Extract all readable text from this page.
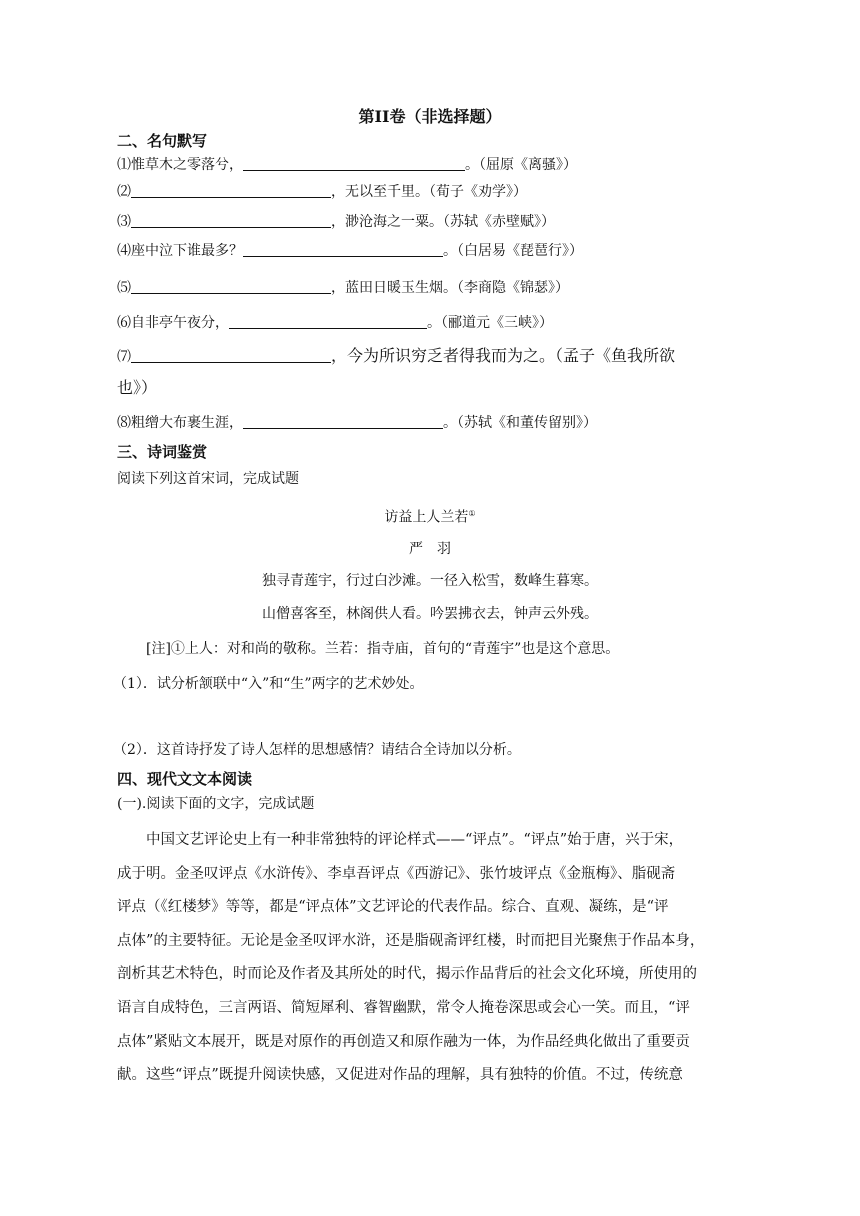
第II卷（非选择题）
二、名句默写
⑴惟草木之零落兮，	。（屈原《离骚》）
⑵	，无以至千里。（荀子《劝学》）
⑶	，渺沧海之一粟。（苏轼《赤壁赋》）
⑷座中泣下谁最多？	。（白居易《琵琶行》）
⑸	，蓝田日暖玉生烟。（李商隐《锦瑟》）
⑹自非亭午夜分，	。（郦道元《三峡》）
⑺	，今为所识穷乏者得我而为之。（孟子《鱼我所欲
也》）
⑻粗缯大布裹生涯，	。（苏轼《和董传留别》）
三、诗词鉴赏
阅读下列这首宋词，完成试题
访益上人兰若①
严　羽
独寻青莲宇，行过白沙滩。一径入松雪，数峰生暮寒。
山僧喜客至，林阁供人看。吟罢拂衣去，钟声云外残。
[注]①上人：对和尚的敬称。兰若：指寺庙，首句的“青莲宇”也是这个意思。
（1）．试分析颔联中“入”和“生”两字的艺术妙处。
（2）．这首诗抒发了诗人怎样的思想感情？请结合全诗加以分析。
四、现代文文本阅读
(一).阅读下面的文字，完成试题
中国文艺评论史上有一种非常独特的评论样式——“评点”。“评点”始于唐，兴于宋，
成于明。金圣叹评点《水浒传》、李卓吾评点《西游记》、张竹坡评点《金瓶梅》、脂砚斋
评点（《红楼梦》等等，都是“评点体”文艺评论的代表作品。综合、直观、凝练，是“评
点体”的主要特征。无论是金圣叹评水浒，还是脂砚斋评红楼，时而把目光聚焦于作品本身，
剖析其艺术特色，时而论及作者及其所处的时代，揭示作品背后的社会文化环境，所使用的
语言自成特色，三言两语、简短犀利、睿智幽默，常令人掩卷深思或会心一笑。而且，“评
点体”紧贴文本展开，既是对原作的再创造又和原作融为一体，为作品经典化做出了重要贡
献。这些“评点”既提升阅读快感，又促进对作品的理解，具有独特的价值。不过，传统意
